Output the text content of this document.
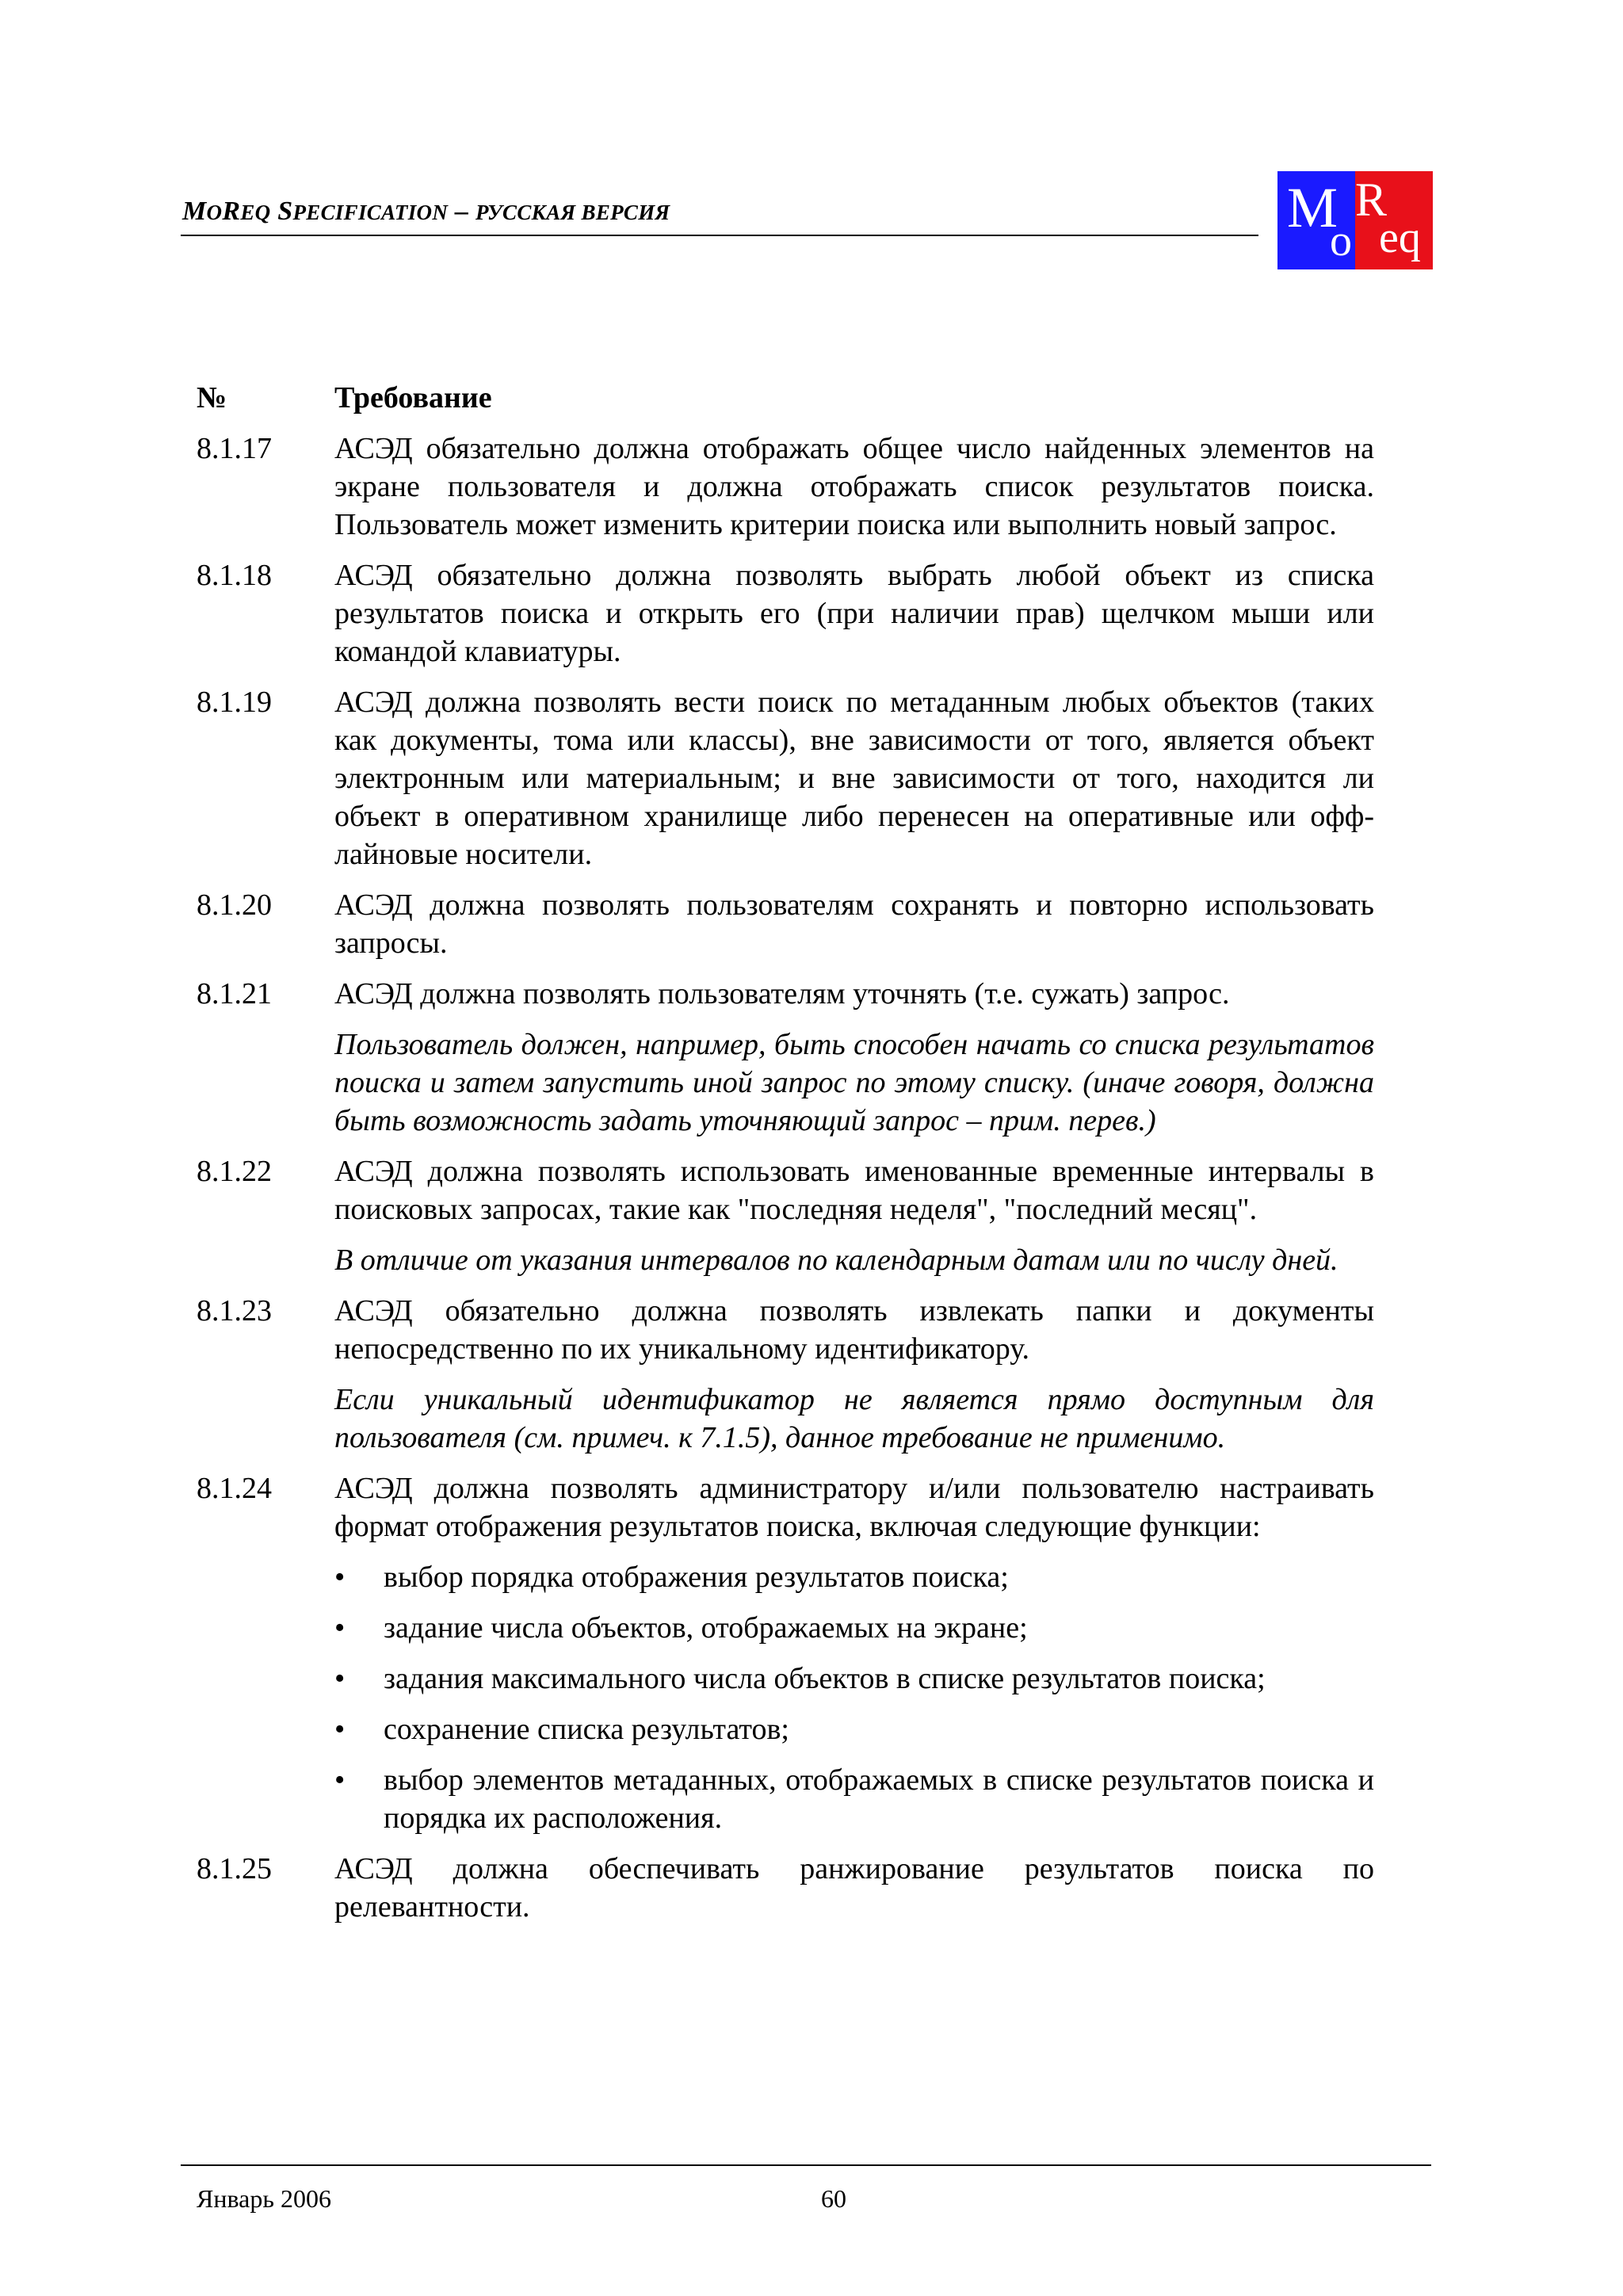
MOREQ SPECIFICATION – РУССКАЯ ВЕРСИЯ	M
o
R
eq
№	Требование
8.1.17	АСЭД обязательно должна отображать общее число найденных элементов на экране пользователя и должна отображать список результатов поиска. Пользователь может изменить критерии поиска или выполнить новый запрос.
8.1.18	АСЭД обязательно должна позволять выбрать любой объект из списка результатов поиска и открыть его (при наличии прав) щелчком мыши или командой клавиатуры.
8.1.19	АСЭД должна позволять вести поиск по метаданным любых объектов (таких как документы, тома или классы), вне зависимости от того, является объект электронным или материальным; и вне зависимости от того, находится ли объект в оперативном хранилище либо перенесен на оперативные или офф-лайновые носители.
8.1.20	АСЭД должна позволять пользователям сохранять и повторно использовать запросы.
8.1.21	АСЭД должна позволять пользователям уточнять (т.е. сужать) запрос.
Пользователь должен, например, быть способен начать со списка результатов поиска и затем запустить иной запрос по этому списку. (иначе говоря, должна быть возможность задать уточняющий запрос – прим. перев.)
8.1.22	АСЭД должна позволять использовать именованные временные интервалы в поисковых запросах, такие как "последняя неделя", "последний месяц".
В отличие от указания интервалов по календарным датам или по числу дней.
8.1.23	АСЭД обязательно должна позволять извлекать папки и документы непосредственно по их уникальному идентификатору.
Если уникальный идентификатор не является прямо доступным для пользователя (см. примеч. к 7.1.5), данное требование не применимо.
8.1.24	АСЭД должна позволять администратору и/или пользователю настраивать формат отображения результатов поиска, включая следующие функции:
•	выбор порядка отображения результатов поиска;
•	задание числа объектов, отображаемых на экране;
•	задания максимального числа объектов в списке результатов поиска;
•	сохранение списка результатов;
•	выбор элементов метаданных, отображаемых в списке результатов поиска и порядка их расположения.
8.1.25	АСЭД должна обеспечивать ранжирование результатов поиска по релевантности.
Январь 2006	60
